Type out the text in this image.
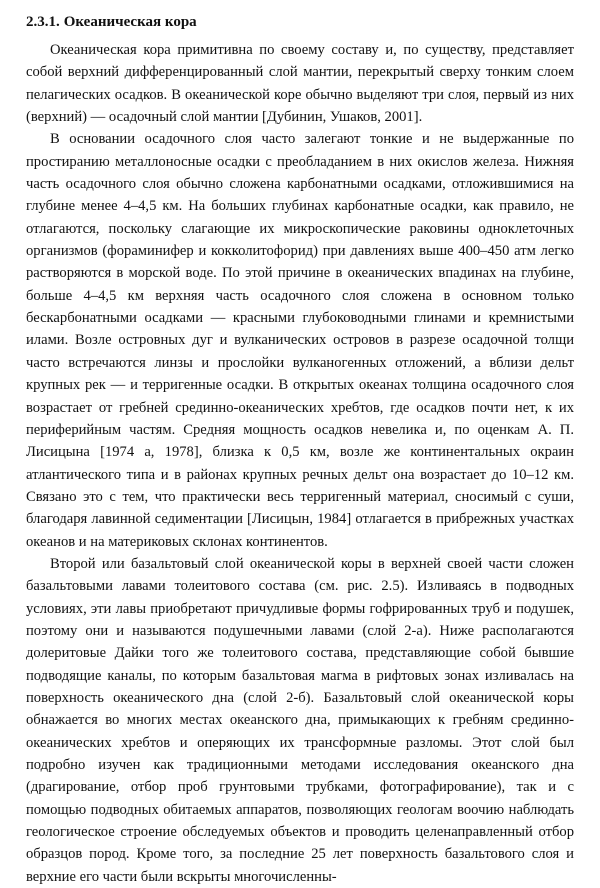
2.3.1. Океаническая кора

Океаническая кора примитивна по своему составу и, по существу, представляет собой верхний дифференцированный слой мантии, перекрытый сверху тонким слоем пелагических осадков. В океанической коре обычно выделяют три слоя, первый из них (верхний) — осадочный слой мантии [Дубинин, Ушаков, 2001].

В основании осадочного слоя часто залегают тонкие и не выдержанные по простиранию металлоносные осадки с преобладанием в них окислов железа. Нижняя часть осадочного слоя обычно сложена карбонатными осадками, отложившимися на глубине менее 4–4,5 км. На больших глубинах карбонатные осадки, как правило, не отлагаются, поскольку слагающие их микроскопические раковины одноклеточных организмов (фораминифер и кокколитофорид) при давлениях выше 400–450 атм легко растворяются в морской воде. По этой причине в океанических впадинах на глубине, больше 4–4,5 км верхняя часть осадочного слоя сложена в основном только бескарбонатными осадками — красными глубоководными глинами и кремнистыми илами. Возле островных дуг и вулканических островов в разрезе осадочной толщи часто встречаются линзы и прослойки вулканогенных отложений, а вблизи дельт крупных рек — и терригенные осадки. В открытых океанах толщина осадочного слоя возрастает от гребней срединно-океанических хребтов, где осадков почти нет, к их периферийным частям. Средняя мощность осадков невелика и, по оценкам А. П. Лисицына [1974 а, 1978], близка к 0,5 км, возле же континентальных окраин атлантического типа и в районах крупных речных дельт она возрастает до 10–12 км. Связано это с тем, что практически весь терригенный материал, сносимый с суши, благодаря лавинной седиментации [Лисицын, 1984] отлагается в прибрежных участках океанов и на материковых склонах континентов.

Второй или базальтовый слой океанической коры в верхней своей части сложен базальтовыми лавами толеитового состава (см. рис. 2.5). Изливаясь в подводных условиях, эти лавы приобретают причудливые формы гофрированных труб и подушек, поэтому они и называются подушечными лавами (слой 2-а). Ниже располагаются долеритовые Дайки того же толеитового состава, представляющие собой бывшие подводящие каналы, по которым базальтовая магма в рифтовых зонах изливалась на поверхность океанического дна (слой 2-б). Базальтовый слой океанической коры обнажается во многих местах океанского дна, примыкающих к гребням срединно-океанических хребтов и оперяющих их трансформные разломы. Этот слой был подробно изучен как традиционными методами исследования океанского дна (драгирование, отбор проб грунтовыми трубками, фотографирование), так и с помощью подводных обитаемых аппаратов, позволяющих геологам воочию наблюдать геологическое строение обследуемых объектов и проводить целенаправленный отбор образцов пород. Кроме того, за последние 25 лет поверхность базальтового слоя и верхние его части были вскрыты многочисленны-
